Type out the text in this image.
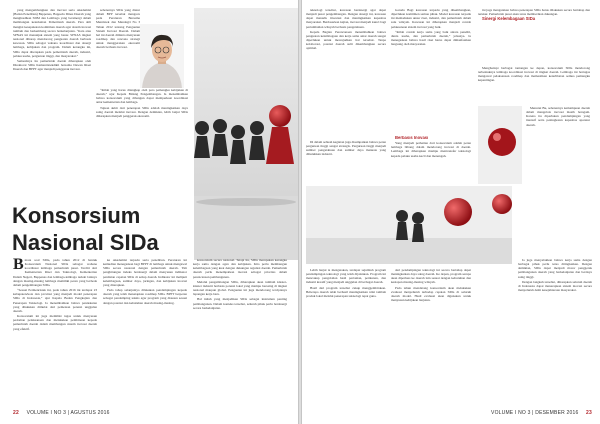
yang mengembangkan dan inovasi serta Akademisi (Badan Penelitian) Bappenas, Bappeda Dinas Daerah yang menghasilkan SDM dan Lembaga yang bersinergi dalam membangun keterkaitan Pemerintah daerah. Para ahli mengisi kesepakatan komitmen daerah agar sistem inovasi tumbuh dan berkembang secara berkelanjutan. “Kata atau SPNAS ini menunjuk sistem yang benar. SPNAS tingkat nasional diharap mendorong penguatan daerah berbasis kawasan. SIDa sebagai wahana koordinasi dan sinergi lembaga, kebijakan dan program. Dalam kerangka ini, SIDa dapat diterapkan pada pemerintah daerah, industri, pelaku usaha, perguruan tinggi, dan masyarakat.”

Semestinya itu pemerintah daerah diharapkan oleh Direktorat SIDa Kemenristekdikti bersama Dewan Riset Daerah dan BPPT agar menjadi penggerak inovasi.

sebenarnya SIDa yang diatur dalam BPP tersebut mengacu pada Peraturan Bersama Menristek dan Mendagri No 3 Tahun 2012 tentang Penguatan Sistem Inovasi Daerah. Dalam hal ini daerah diminta menyusun roadmap dan rencana strategi untuk menggerakan ekonomi daerah berbasis inovasi.

“Inilah yang harus ditangkap oleh para pemangku kebijakan di daerah,” ujar Kepala Bidang Pengembangan. Ia menambahkan bahwa konsorsium yang dibangun dapat memperkuat koordinasi antar kementerian dan lembaga.

Tujuan akhir dari penerapan SIDa adalah meningkatkan daya saing daerah melalui inovasi. Dengan demikian, lebih lanjut SIDa diharapkan menjadi penggerak ekonomi.

Konsorsium
Nasional SIDa

Bntara soal SIDa, pada tahun 2012 di bentuk Konsorsium Nasional SIDa sebagai wahana koordinasi lembaga pemerintah pusat. Terdiri dari Kementerian Riset dan Teknologi, Kementerian Dalam Negeri, Bappenas dan lembaga-lembaga terkait lainnya dengan masing-masing lembaga memiliki peran yang berbeda dalam pengembangan SIDa.

“Sesuai Permenristek ini, pada tahun 2016 ini terdapat 23 kabupaten/kota dan provinsi yang menjadi model penerapan SIDa di Indonesia,” ujar Kepala Badan Pengkajian dan Penerapan Teknologi. Ia menambahkan bahwa pendekatan yang dilakukan dimulai dari pemetaan potensi unggulan daerah.

Konsorsium ini juga memiliki tugas untuk menyusun pedoman pelaksanaan dan melakukan pembinaan kepada pemerintah daerah dalam membangun sistem inovasi daerah yang efektif.

ke Akademisi terpadu serta penelitian. Peraturan ini kemudian menegaskan bagi BPPT di lembaga untuk mengawal SIDa secara nasional dengan pemerintah daerah. Tim penghitungan indeks bersinergi dalam menyusun indikator penilaian capaian SIDa di setiap daerah. Indikator ini meliputi kelembagaan, sumber daya, jaringan, dan kebijakan inovasi yang diterapkan.

Pada tahap selanjutnya dilakukan pendampingan kepada daerah yang telah menetapkan roadmap SIDa. BPPT berperan sebagai pendamping teknis agar program yang disusun sesuai dengan potensi dan kebutuhan daerah masing-masing.

konsorsium secara nasional. Tetapi itu, SIDa merupakan kerangka kerja sama dengan agen dan kebijakan. Kita perlu membangun kelembagaan yang kuat dengan dukungan regulasi daerah. Pemerintah daerah perlu menempatkan inovasi sebagai prioritas dalam perencanaan pembangunan.

Melalui pengembangan SIDa, diharapkan akan tumbuh klaster-klaster industri berbasis potensi lokal yang mampu bersaing di tingkat nasional maupun global. Penguatan ini juga mendorong terciptanya lapangan kerja baru.

Hal inilah yang menjadikan SIDa sebagai instrumen penting pembangunan. Dalam konteks tersebut, seluruh pihak perlu bersinergi secara berkelanjutan.

22 VOLUME I NO 3 | AGUSTUS 2016

teknologi tersebut, kawasan bersinergi agar dapat menjadi pusat pengembangan. Dengan sinergi ini, kawasan dapat menarik investasi dan meningkatkan kapasitas masyarakat. Berdasarkan kajian, inovasi menjadi kunci bagi pertumbuhan wilayah berbasis pengetahuan.

Kepala Bagian Perencanaan menambahkan bahwa penguatan kelembagaan dan kerja sama antar daerah sangat diperlukan untuk mewujudkan hal tersebut. Tanpa kolaborasi, potensi daerah sulit dikembangkan secara optimal.

Garuda Bagi kawasan terpadu yang dikembangkan, diperlukan komitmen semua pihak. Model kawasan terpadu ini memadukan unsur riset, industri, dan pemerintah dalam satu wilayah. Kawasan ini diharapkan menjadi contoh pelaksanaan sistem inovasi yang baik.

“Inilah contoh kerja sama yang baik antara peneliti, dunia usaha, dan pemerintah daerah,” jelasnya. Ia menegaskan bahwa hasil riset harus dapat dimanfaatkan langsung oleh masyarakat.

Di dalam sebuah kegiatan juga disampaikan bahwa peran perguruan tinggi sangat strategis. Perguruan tinggi menjadi sumber pengetahuan dan sumber daya manusia yang dibutuhkan industri.

Berbasis Inovasi

Yang menjadi perhatian dari konsorsium adalah peran lembaga litbang dalam mendorong inovasi di daerah. Lembaga ini diharapkan mampu mentransfer teknologi kepada pelaku usaha kecil dan menengah.

Lebih lanjut ia mengatakan, terdapat sejumlah program pendampingan teknologi yang telah dijalankan. Program ini mencakup pengolahan hasil pertanian, perikanan, dan industri kreatif yang menjadi unggulan di berbagai daerah.

Hasil dari program tersebut cukup menggembirakan. Beberapa daerah telah berhasil meningkatkan nilai tambah produk lokal melalui penerapan teknologi tepat guna.

dari pendampingan teknologi ini secara bertahap dapat meningkatkan daya saing daerah. Ke depan, program serupa akan diperluas ke daerah lain sesuai dengan kebutuhan dan kesiapan masing-masing wilayah.

Pada tahun mendatang konsorsium akan melakukan evaluasi menyeluruh terhadap capaian SIDa di seluruh daerah model. Hasil evaluasi akan digunakan untuk menyusun kebijakan lanjutan.

ini juga mengatakan bahwa penerapan SIDa harus dilakukan secara bertahap dan terukur. Pemerintah pusat akan terus memberikan dukungan.

Sinergi Kelembagaan SIDa

Menghadapi berbagai tantangan ke depan, konsorsium SIDa mendorong terbentuknya lembaga koordinasi inovasi di tingkat daerah. Lembaga ini bertugas mengawal pelaksanaan roadmap dan memastikan keterlibatan semua pemangku kepentingan.

Menurut Bu, sebenarnya kemampuan daerah dalam mengelola inovasi masih beragam. Karena itu diperlukan pendampingan yang intensif serta peningkatan kapasitas aparatur daerah.

Ia juga menyebutkan bahwa kerja sama dengan berbagai pihak perlu terus ditingkatkan. Dengan demikian, SIDa dapat menjadi motor penggerak pembangunan daerah yang berkelanjutan dan berdaya saing tinggi.

Dengan langkah tersebut, diharapkan seluruh daerah di Indonesia dapat menerapkan sistem inovasi secara menyeluruh demi kesejahteraan masyarakat.

VOLUME I NO 3 | DESEMBER 2016 23
